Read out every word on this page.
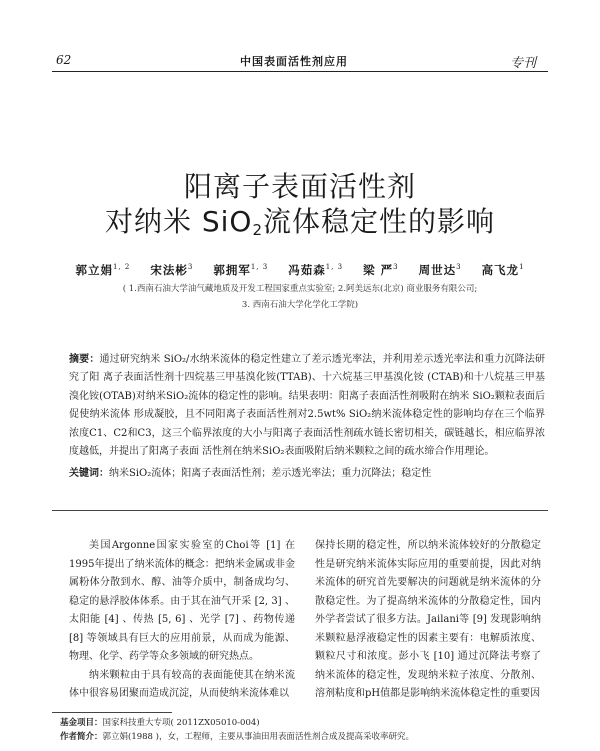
62	中国表面活性剂应用	专刊
阳离子表面活性剂
对纳米 SiO2流体稳定性的影响
郭立娟$^{1, 2}$ 宋法彬$^3$ 郭拥军$^{1, 3}$ 冯茹森$^{1, 3}$ 梁 严$^3$ 周世达$^3$ 高飞龙$^1$
( 1.西南石油大学油气藏地质及开发工程国家重点实验室; 2.阿美远东(北京) 商业服务有限公司;
3. 西南石油大学化学化工学院)
摘要：通过研究纳米 SiO₂/水纳米流体的稳定性建立了差示透光率法，并利用差示透光率法和重力沉降法研究了阳 离子表面活性剂十四烷基三甲基溴化铵(TTAB)、十六烷基三甲基溴化铵 (CTAB)和十八烷基三甲基溴化铵(OTAB)对纳米SiO₂流体的稳定性的影响。结果表明：阳离子表面活性剂吸附在纳米 SiO₂颗粒表面后促使纳米流体 形成凝胶，且不同阳离子表面活性剂对2.5wt% SiO₂纳米流体稳定性的影响均存在三个临界浓度C1、C2和C3，这三个临界浓度的大小与阳离子表面活性剂疏水链长密切相关，碳链越长，相应临界浓度越低，并提出了阳离子表面 活性剂在纳米SiO₂表面吸附后纳米颗粒之间的疏水缔合作用理论。
关键词：纳米SiO₂流体；阳离子表面活性剂；差示透光率法；重力沉降法；稳定性

美国Argonne国家实验室的Choi等 [1] 在1995年提出了纳米流体的概念：把纳米金属或非金属粉体分散到水、醇、油等介质中，制备成均匀、稳定的悬浮胶体体系。由于其在油气开采 [2, 3] 、太阳能 [4] 、传热 [5, 6] 、光学 [7] 、药物传递 [8] 等领域具有巨大的应用前景，从而成为能源、物理、化学、药学等众多领域的研究热点。

纳米颗粒由于具有较高的表面能使其在纳米流体中很容易团聚而造成沉淀，从而使纳米流体难以

保持长期的稳定性，所以纳米流体较好的分散稳定性是研究纳米流体实际应用的重要前提，因此对纳米流体的研究首先要解决的问题就是纳米流体的分散稳定性。为了提高纳米流体的分散稳定性，国内外学者尝试了很多方法。Jailani等 [9] 发现影响纳米颗粒悬浮液稳定性的因素主要有：电解质浓度、颗粒尺寸和浓度。彭小飞 [10] 通过沉降法考察了纳米流体的稳定性，发现纳米粒子浓度、分散剂、溶剂粘度和pH值都是影响纳米流体稳定性的重要因

基金项目：国家科技重大专项( 2011ZX05010-004)
作者简介：郭立娟(1988 )，女，工程师，主要从事油田用表面活性剂合成及提高采收率研究。
